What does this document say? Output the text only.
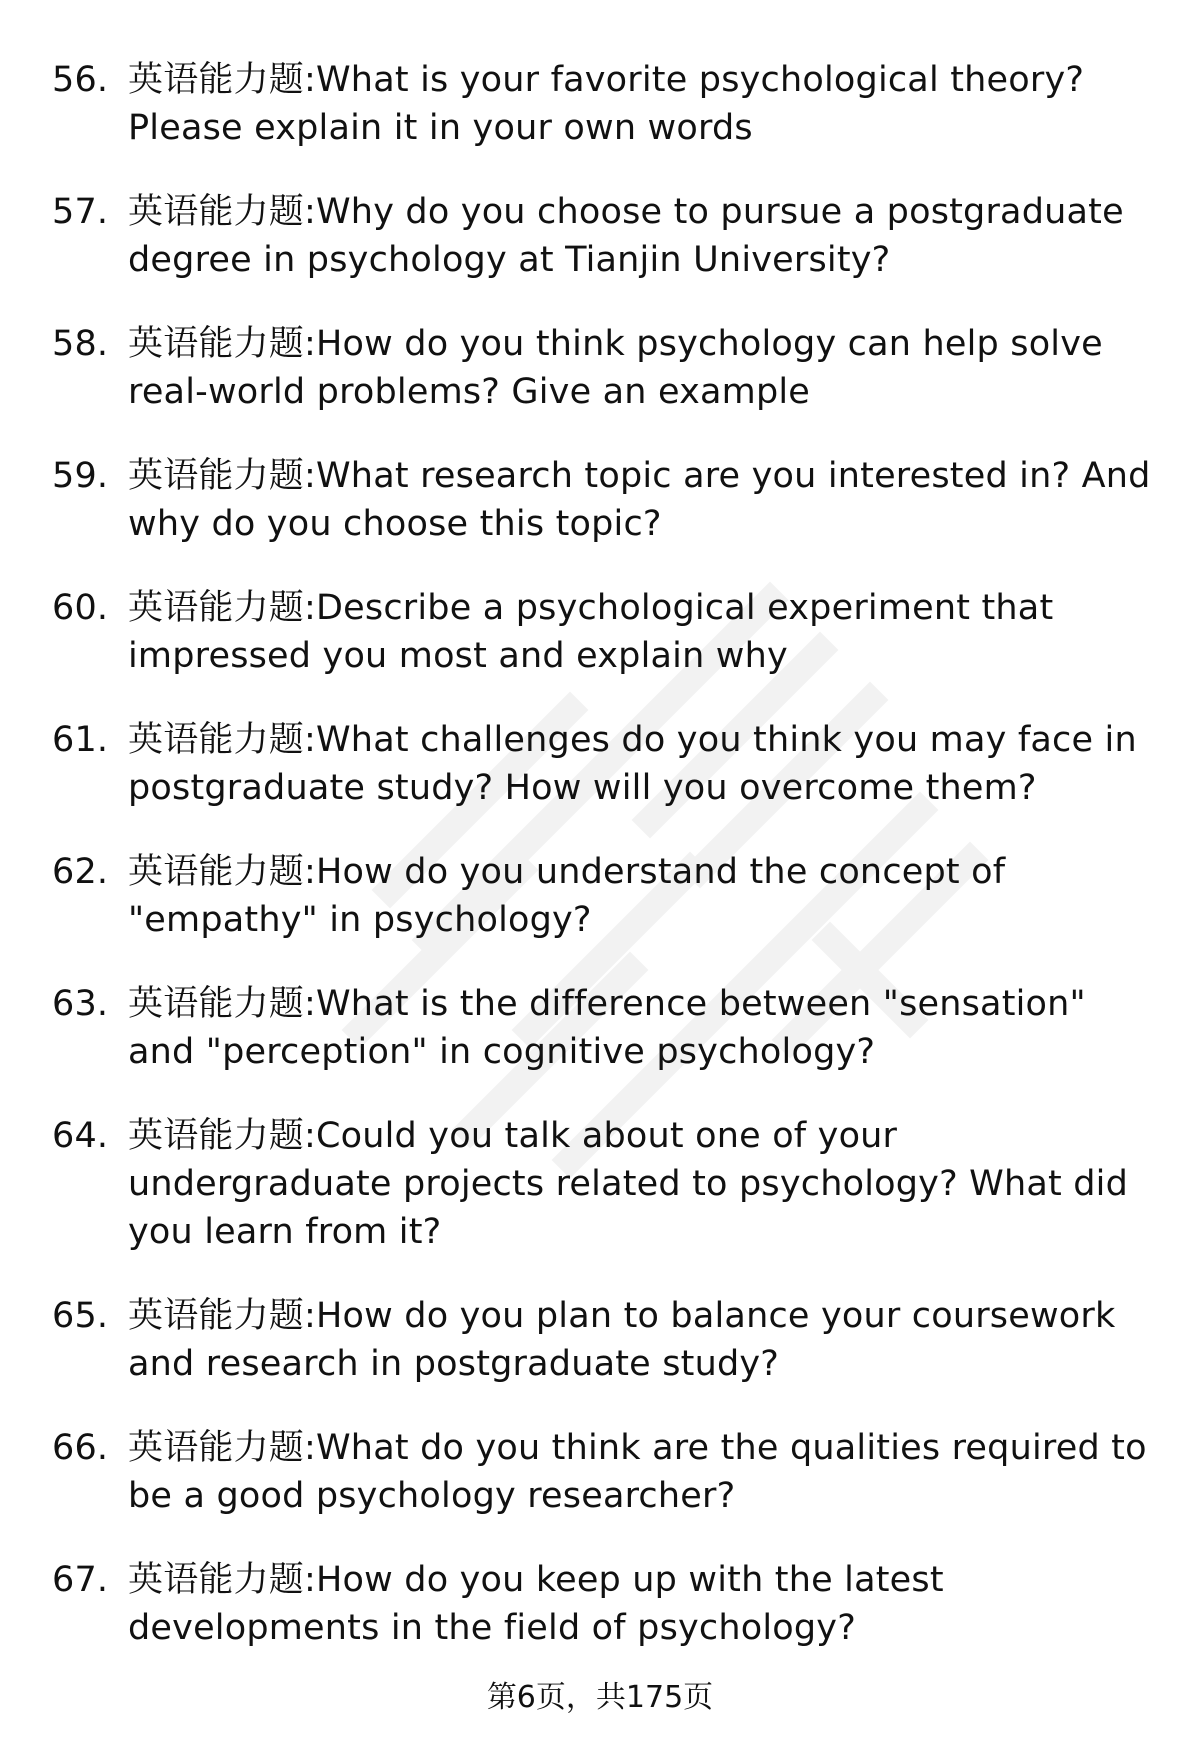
56. 英语能力题:What is your favorite psychological theory? Please explain it in your own words
57. 英语能力题:Why do you choose to pursue a postgraduate degree in psychology at Tianjin University?
58. 英语能力题:How do you think psychology can help solve real-world problems? Give an example
59. 英语能力题:What research topic are you interested in? And why do you choose this topic?
60. 英语能力题:Describe a psychological experiment that impressed you most and explain why
61. 英语能力题:What challenges do you think you may face in postgraduate study? How will you overcome them?
62. 英语能力题:How do you understand the concept of "empathy" in psychology?
63. 英语能力题:What is the difference between "sensation" and "perception" in cognitive psychology?
64. 英语能力题:Could you talk about one of your undergraduate projects related to psychology? What did you learn from it?
65. 英语能力题:How do you plan to balance your coursework and research in postgraduate study?
66. 英语能力题:What do you think are the qualities required to be a good psychology researcher?
67. 英语能力题:How do you keep up with the latest developments in the field of psychology?
第6页，共175页
